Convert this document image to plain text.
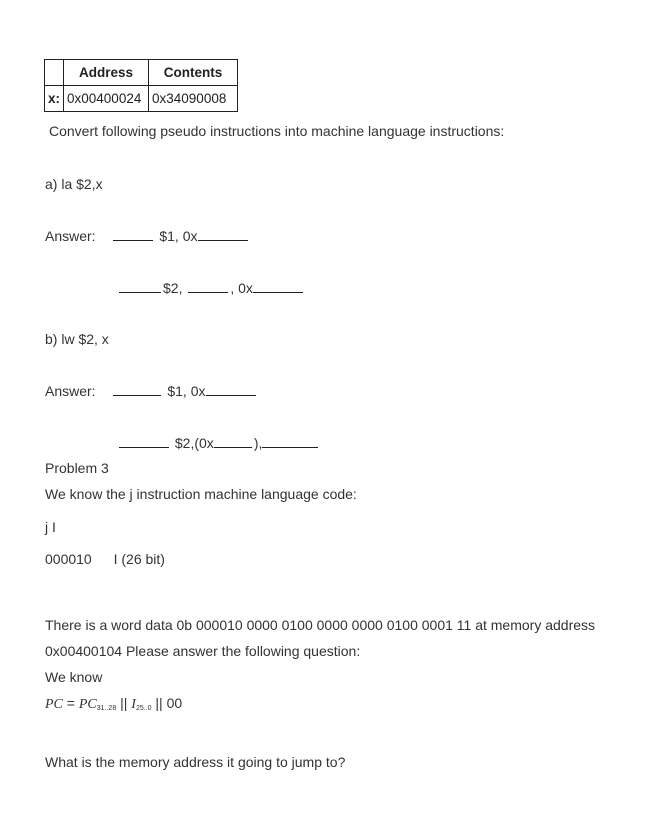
	Address	Contents
x:	0x00400024	0x34090008
Convert following pseudo instructions into machine language instructions:
a) la $2,x
Answer:	$1, 0x
$2,	, 0x
b) lw $2, x
Answer:	$1, 0x
$2,(0x	),
Problem 3
We know the j instruction machine language code:
j I
000010 I (26 bit)
There is a word data 0b 000010 0000 0100 0000 0000 0100 0001 11 at memory address
0x00400104 Please answer the following question:
We know
PC = $PC_{31..28}$ || $I_{25..0}$ || 00
What is the memory address it going to jump to?
